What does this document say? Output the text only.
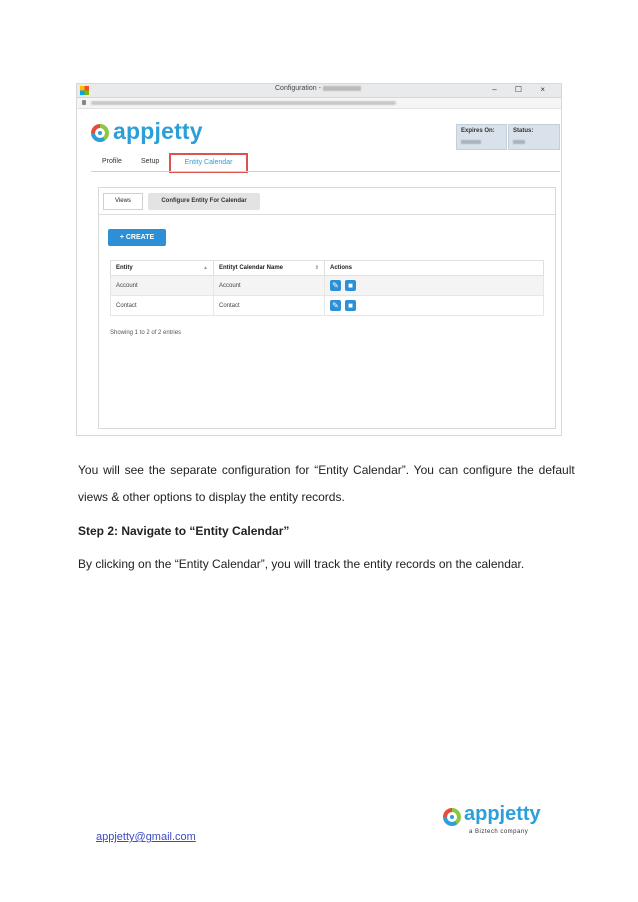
Configuration -	– ☐ ×
appjetty	Expires On:	Status:
Profile	Setup	Entity Calendar
Views	Configure Entity For Calendar
+ CREATE
Entity ▲	Entityt Calendar Name ⇕	Actions
Account	Account	✎ ■
Contact	Contact	✎ ■
Showing 1 to 2 of 2 entries
You will see the separate configuration for “Entity Calendar”. You can configure the default
views & other options to display the entity records.
Step 2: Navigate to “Entity Calendar”
By clicking on the “Entity Calendar”, you will track the entity records on the calendar.
appjetty@gmail.com
appjetty
a Biztech company
